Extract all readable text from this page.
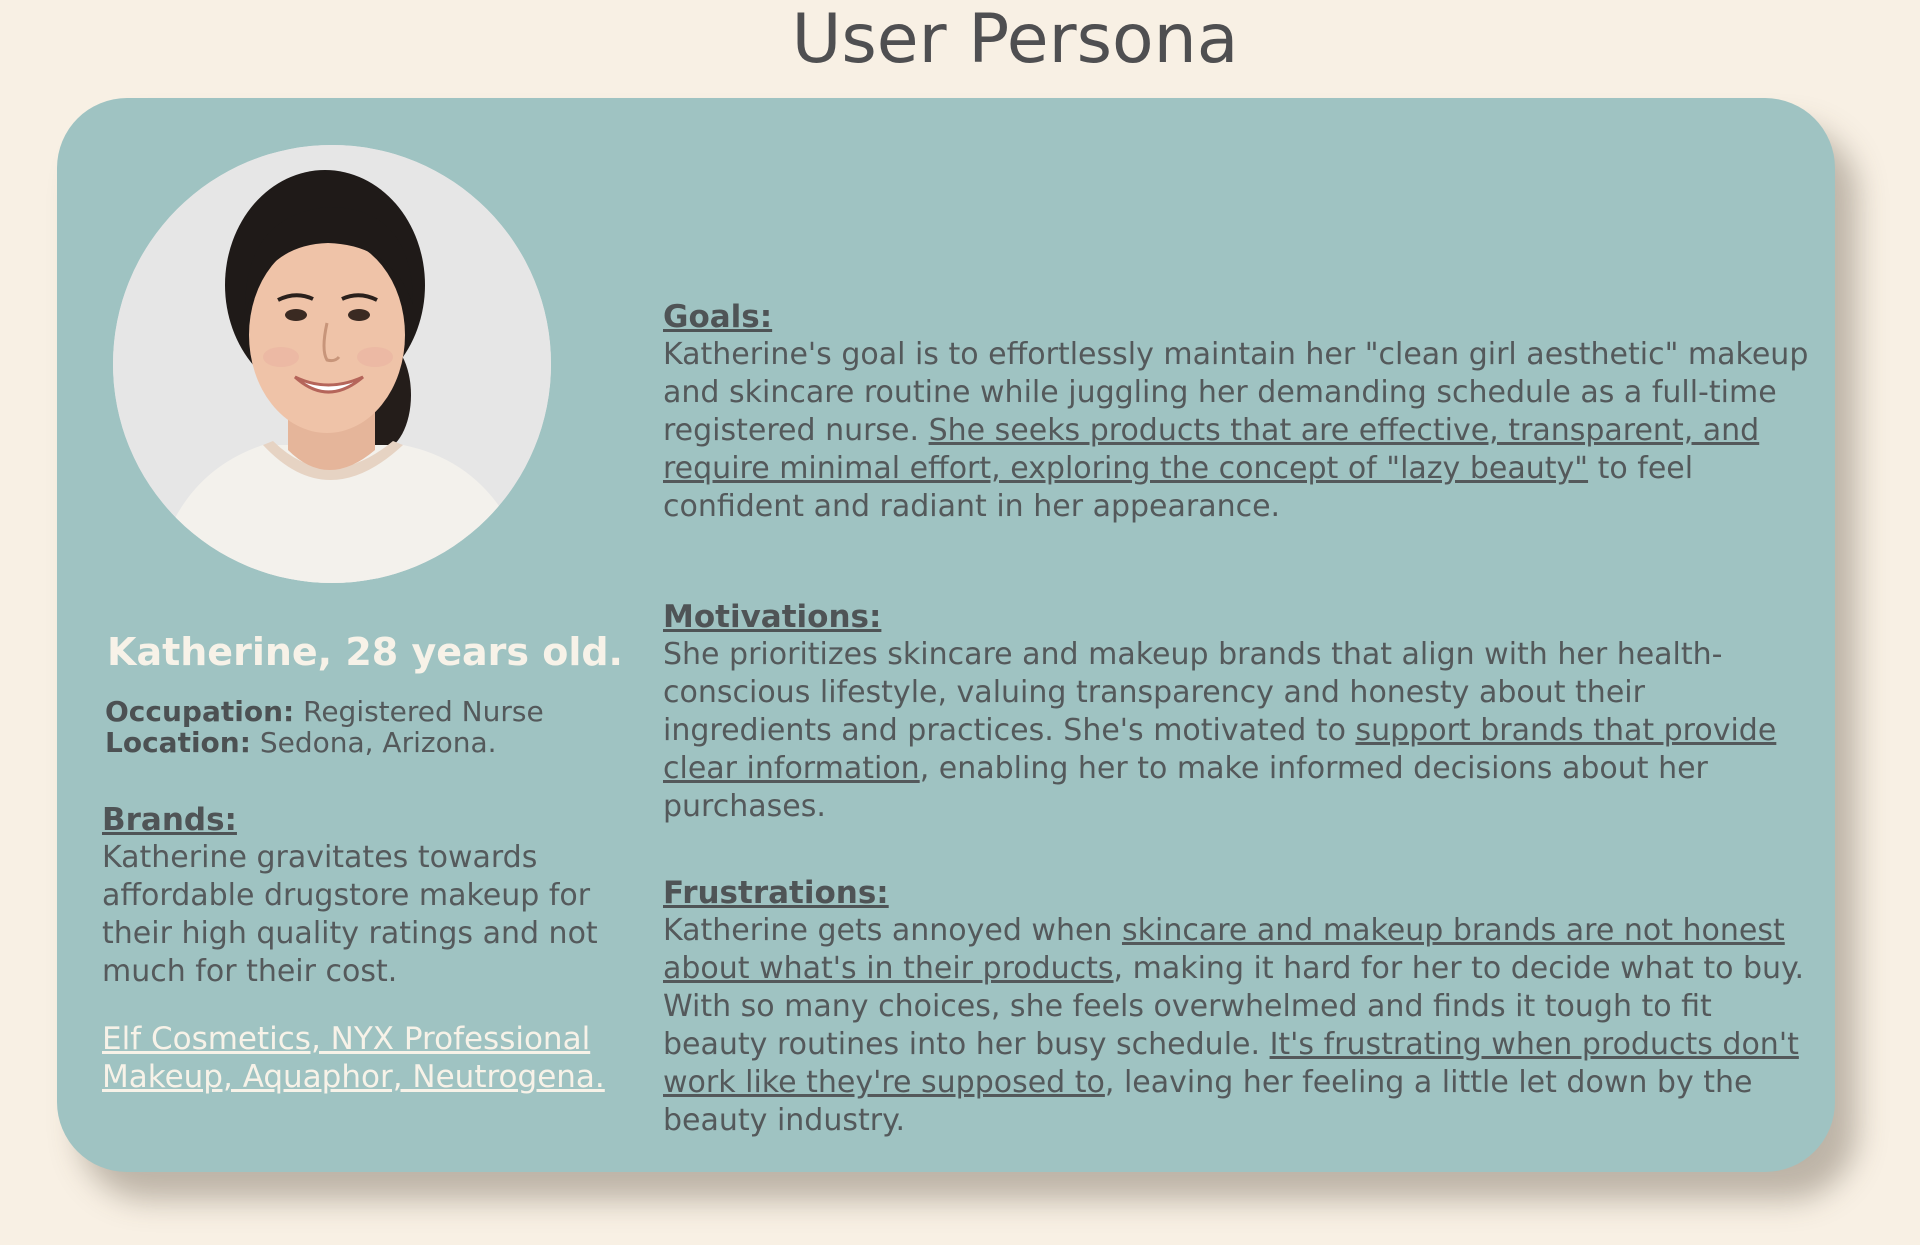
User Persona
Katherine, 28 years old.
Occupation: Registered Nurse
Location: Sedona, Arizona.
Brands:

Katherine gravitates towards affordable drugstore makeup for their high quality ratings and not much for their cost.

Elf Cosmetics, NYX Professional
Makeup, Aquaphor, Neutrogena.
Goals:

Katherine's goal is to effortlessly maintain her "clean girl aesthetic" makeup and skincare routine while juggling her demanding schedule as a full-time registered nurse. She seeks products that are effective, transparent, and require minimal effort, exploring the concept of "lazy beauty" to feel confident and radiant in her appearance.

Motivations:

She prioritizes skincare and makeup brands that align with her health-conscious lifestyle, valuing transparency and honesty about their ingredients and practices. She's motivated to support brands that provide clear information, enabling her to make informed decisions about her purchases.

Frustrations:

Katherine gets annoyed when skincare and makeup brands are not honest about what's in their products, making it hard for her to decide what to buy. With so many choices, she feels overwhelmed and finds it tough to fit beauty routines into her busy schedule. It's frustrating when products don't work like they're supposed to, leaving her feeling a little let down by the beauty industry.
